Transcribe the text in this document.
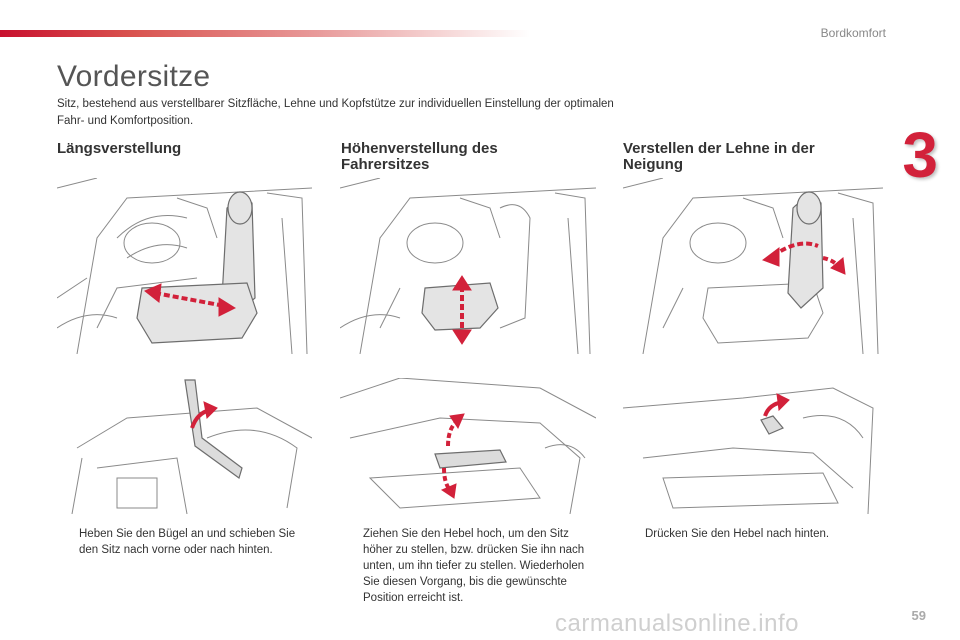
Bordkomfort
3
Vordersitze
Sitz, bestehend aus verstellbarer Sitzfläche, Lehne und Kopfstütze zur individuellen Einstellung der optimalen Fahr- und Komfortposition.
Längsverstellung	Höhenverstellung des Fahrersitzes
Verstellen der Lehne in der Neigung
Heben Sie den Bügel an und schieben Sie den Sitz nach vorne oder nach hinten.
Ziehen Sie den Hebel hoch, um den Sitz höher zu stellen, bzw. drücken Sie ihn nach unten, um ihn tiefer zu stellen. Wiederholen Sie diesen Vorgang, bis die gewünschte Position erreicht ist.
Drücken Sie den Hebel nach hinten.
carmanualsonline.info	59
